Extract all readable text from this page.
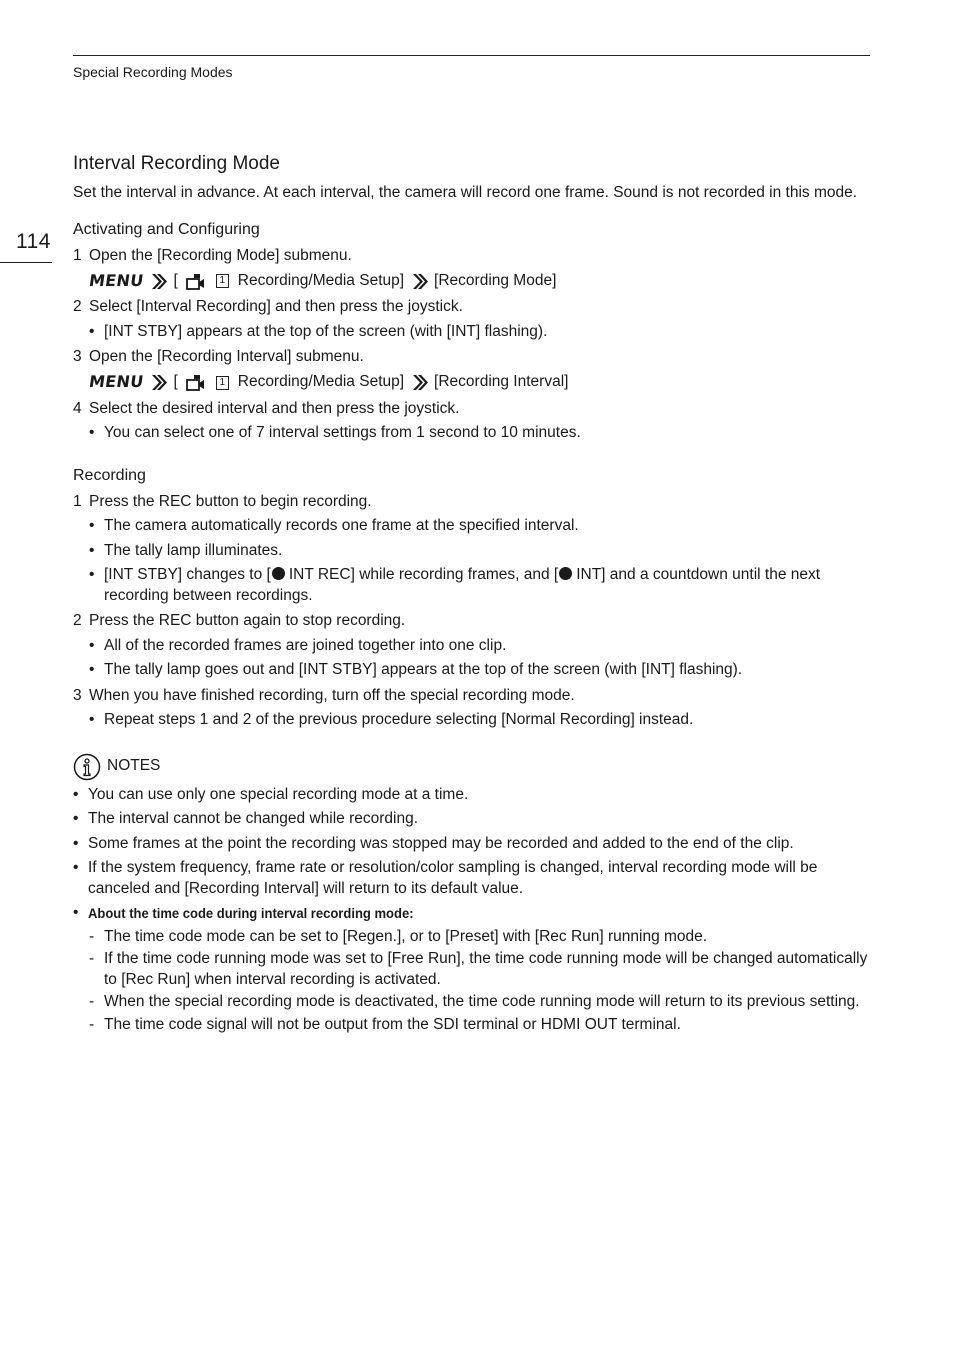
Special Recording Modes
114
Interval Recording Mode

Set the interval in advance. At each interval, the camera will record one frame. Sound is not recorded in this mode.

Activating and Configuring
1 Open the [Recording Mode] submenu.
MENU [	1 Recording/Media Setup] [Recording Mode]
2 Select [Interval Recording] and then press the joystick.
• [INT STBY] appears at the top of the screen (with [INT] flashing).
3 Open the [Recording Interval] submenu.
MENU [	1 Recording/Media Setup] [Recording Interval]
4 Select the desired interval and then press the joystick.
• You can select one of 7 interval settings from 1 second to 10 minutes.
Recording
1 Press the REC button to begin recording.
• The camera automatically records one frame at the specified interval.
• The tally lamp illuminates.
• [INT STBY] changes to [ INT REC] while recording frames, and [ INT] and a countdown until the next recording between recordings.
2 Press the REC button again to stop recording.
• All of the recorded frames are joined together into one clip.
• The tally lamp goes out and [INT STBY] appears at the top of the screen (with [INT] flashing).
3 When you have finished recording, turn off the special recording mode.
• Repeat steps 1 and 2 of the previous procedure selecting [Normal Recording] instead.
NOTES
• You can use only one special recording mode at a time.
• The interval cannot be changed while recording.
• Some frames at the point the recording was stopped may be recorded and added to the end of the clip.
• If the system frequency, frame rate or resolution/color sampling is changed, interval recording mode will be canceled and [Recording Interval] will return to its default value.
• About the time code during interval recording mode:
- The time code mode can be set to [Regen.], or to [Preset] with [Rec Run] running mode.
- If the time code running mode was set to [Free Run], the time code running mode will be changed automatically to [Rec Run] when interval recording is activated.
- When the special recording mode is deactivated, the time code running mode will return to its previous setting.
- The time code signal will not be output from the SDI terminal or HDMI OUT terminal.
